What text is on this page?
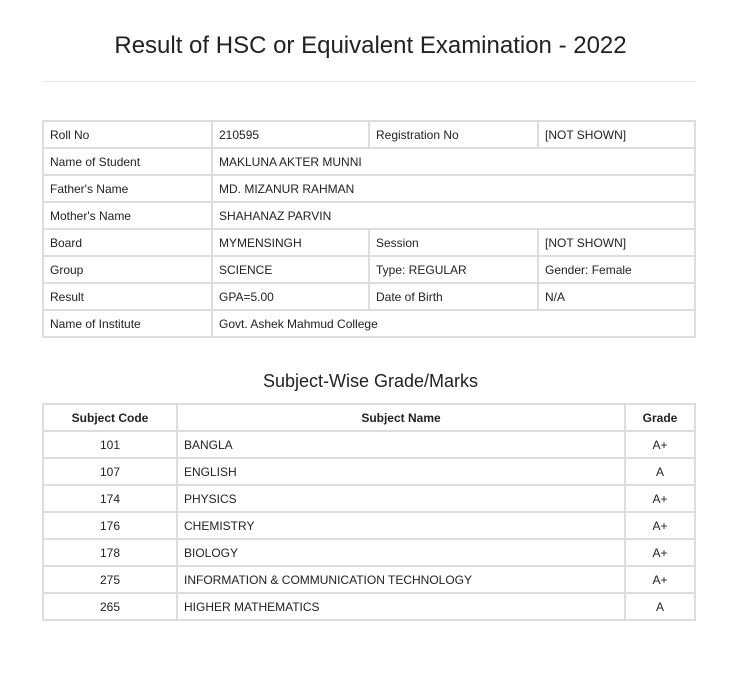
Result of HSC or Equivalent Examination - 2022
Roll No	210595	Registration No	[NOT SHOWN]
Name of Student	MAKLUNA AKTER MUNNI		
Father's Name	MD. MIZANUR RAHMAN		
Mother's Name	SHAHANAZ PARVIN		
Board	MYMENSINGH	Session	[NOT SHOWN]
Group	SCIENCE	Type: REGULAR	Gender: Female
Result	GPA=5.00	Date of Birth	N/A
Name of Institute	Govt. Ashek Mahmud College		
Subject-Wise Grade/Marks
Subject Code	Subject Name	Grade
101	BANGLA	A+
107	ENGLISH	A
174	PHYSICS	A+
176	CHEMISTRY	A+
178	BIOLOGY	A+
275	INFORMATION & COMMUNICATION TECHNOLOGY	A+
265	HIGHER MATHEMATICS	A
